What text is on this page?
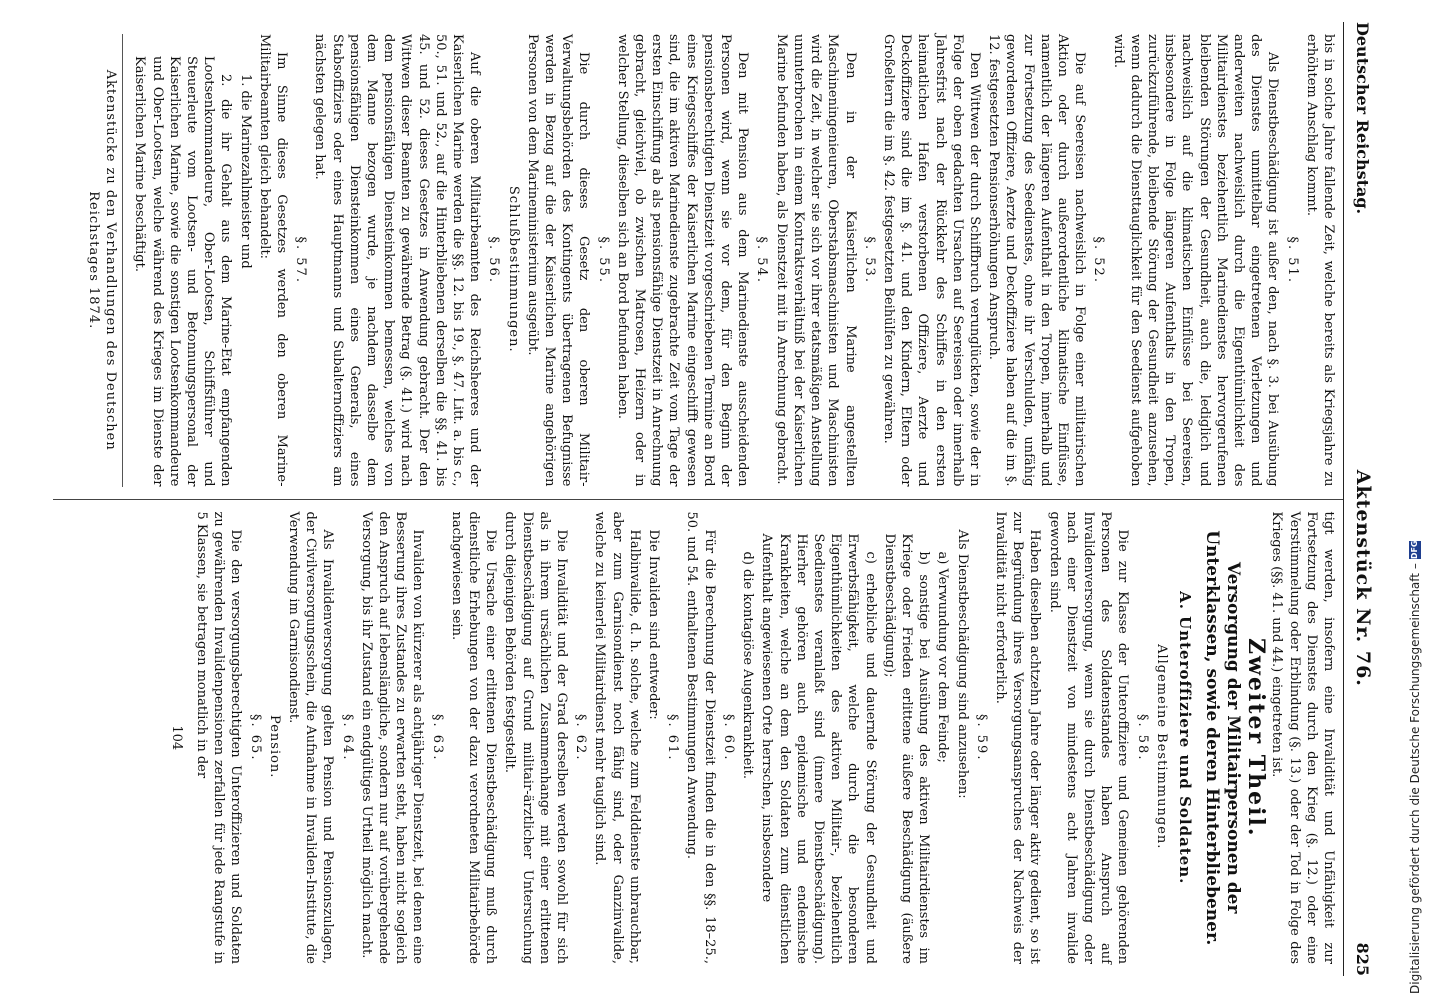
Deutscher Reichstag.
Aktenstück Nr. 76.
825

bis in solche Jahre fallende Zeit, welche bereits als Kriegsjahre zu erhöhtem Anschlag kommt.

§. 51.

Als Dienstbeschädigung ist außer den, nach §. 3. bei Ausübung des Dienstes unmittelbar eingetretenen Verletzungen und anderweiten nachweislich durch die Eigenthümlichkeit des Militairdienstes beziehentlich Marinedienstes hervorgerufenen bleibenden Störungen der Gesundheit, auch die, lediglich und nachweislich auf die klimatischen Einflüsse bei Seereisen, insbesondere in Folge längeren Aufenthalts in den Tropen, zurückzuführende, bleibende Störung der Gesundheit anzusehen, wenn dadurch die Diensttauglichkeit für den Seedienst aufgehoben wird.

§. 52.

Die auf Seereisen nachweislich in Folge einer militairischen Aktion oder durch außerordentliche klimatische Einflüsse, namentlich der längeren Aufenthalt in den Tropen, innerhalb und zur Fortsetzung des Seedienstes, ohne ihr Verschulden, unfähig gewordenen Offiziere, Aerzte und Deckoffiziere haben auf die im §. 12. festgesetzten Pensionserhöhungen Anspruch.

Den Wittwen der durch Schiffbruch verunglückten, sowie der in Folge der oben gedachten Ursachen auf Seereisen oder innerhalb Jahresfrist nach der Rückkehr des Schiffes in den ersten heimatlichen Hafen verstorbenen Offiziere, Aerzte und Deckoffiziere sind die im §. 41. und den Kindern, Eltern oder Großeltern die im §. 42. festgesetzten Beihülfen zu gewähren.

§. 53.

Den in der Kaiserlichen Marine angestellten Maschineningenieuren, Oberstabsmaschinisten und Maschinisten wird die Zeit, in welcher sie sich vor ihrer etatsmäßigen Anstellung ununterbrochen in einem Kontraktsverhältniß bei der Kaiserlichen Marine befunden haben, als Dienstzeit mit in Anrechnung gebracht.

§. 54.

Den mit Pension aus dem Marinedienste ausscheidenden Personen wird, wenn sie vor dem, für den Beginn der pensionsberechtigten Dienstzeit vorgeschriebenen Termine an Bord eines Kriegsschiffes der Kaiserlichen Marine eingeschifft gewesen sind, die im aktiven Marinedienste zugebrachte Zeit vom Tage der ersten Einschiffung ab als pensionsfähige Dienstzeit in Anrechnung gebracht, gleichviel, ob zwischen Matrosen, Heizern oder in welcher Stellung, dieselben sich an Bord befunden haben.

§. 55.

Die durch dieses Gesetz den oberen Militair-Verwaltungsbehörden des Kontingents übertragenen Befugnisse werden in Bezug auf die der Kaiserlichen Marine angehörigen Personen von dem Marineministerium ausgeübt.

Schlußbestimmungen.

§. 56.

Auf die oberen Militairbeamten des Reichsheeres und der Kaiserlichen Marine werden die §§. 12. bis 19., §. 47. Litt. a. bis c., 50., 51. und 52., auf die Hinterbliebenen derselben die §§. 41. bis 45. und 52. dieses Gesetzes in Anwendung gebracht. Der den Wittwen dieser Beamten zu gewährende Betrag (§. 41.) wird nach dem pensionsfähigen Diensteinkommen bemessen, welches von dem Manne bezogen wurde, je nachdem dasselbe dem pensionsfähigen Diensteinkommen eines Generals, eines Stabsoffiziers oder eines Hauptmanns und Subalternoffiziers am nächsten gelegen hat.

§. 57.

Im Sinne dieses Gesetzes werden den oberen Marine-Militairbeamten gleich behandelt:

1. die Marinezahlmeister und

2. die ihr Gehalt aus dem Marine-Etat empfangenden Lootsenkommandeure, Ober-Lootsen, Schiffsführer und Steuerleute vom Lootsen- und Betonnungspersonal der Kaiserlichen Marine, sowie die sonstigen Lootsenkommandeure und Ober-Lootsen, welche während des Krieges im Dienste der Kaiserlichen Marine beschäftigt.

Aktenstücke zu den Verhandlungen des Deutschen Reichstages 1874.

tigt werden, insofern eine Invalidität und Unfähigkeit zur Fortsetzung des Dienstes durch den Krieg (§. 12.) oder eine Verstümmelung oder Erblindung (§. 13.) oder der Tod in Folge des Krieges (§§. 41. und 44.) eingetreten ist.

Zweiter Theil.
Versorgung der Militairpersonen der Unterklassen, sowie deren Hinterbliebener.
A. Unteroffiziere und Soldaten.

Allgemeine Bestimmungen.

§. 58.

Die zur Klasse der Unteroffiziere und Gemeinen gehörenden Personen des Soldatenstandes haben Anspruch auf Invalidenversorgung, wenn sie durch Dienstbeschädigung oder nach einer Dienstzeit von mindestens acht Jahren invalide geworden sind.

Haben dieselben achtzehn Jahre oder länger aktiv gedient, so ist zur Begründung ihres Versorgungsanspruches der Nachweis der Invalidität nicht erforderlich.

§. 59.

Als Dienstbeschädigung sind anzusehen:

a) Verwundung vor dem Feinde;

b) sonstige bei Ausübung des aktiven Militairdienstes im Kriege oder Frieden erlittene äußere Beschädigung (äußere Dienstbeschädigung);

c) erhebliche und dauernde Störung der Gesundheit und Erwerbsfähigkeit, welche durch die besonderen Eigenthümlichkeiten des aktiven Militair-, beziehentlich Seedienstes veranlaßt sind (innere Dienstbeschädigung). Hierher gehören auch epidemische und endemische Krankheiten, welche an dem den Soldaten zum dienstlichen Aufenthalt angewiesenen Orte herrschen, insbesondere

d) die kontagiöse Augenkrankheit.

§. 60.

Für die Berechnung der Dienstzeit finden die in den §§. 18–25., 50. und 54. enthaltenen Bestimmungen Anwendung.

§. 61.

Die Invaliden sind entweder:

Halbinvalide, d. h. solche, welche zum Felddienste unbrauchbar, aber zum Garnisondienst noch fähig sind, oder Ganzinvalide, welche zu keinerlei Militairdienst mehr tauglich sind.

§. 62.

Die Invalidität und der Grad derselben werden sowohl für sich als in ihrem ursächlichen Zusammenhange mit einer erlittenen Dienstbeschädigung auf Grund militair-ärztlicher Untersuchung durch diejenigen Behörden festgestellt.

Die Ursache einer erlittenen Dienstbeschädigung muß durch dienstliche Erhebungen von der dazu verordneten Militairbehörde nachgewiesen sein.

§. 63.

Invaliden von kürzerer als achtjähriger Dienstzeit, bei denen eine Besserung ihres Zustandes zu erwarten steht, haben nicht sogleich den Anspruch auf lebenslängliche, sondern nur auf vorübergehende Versorgung, bis ihr Zustand ein endgültiges Urtheil möglich macht.

§. 64.

Als Invalidenversorgung gelten Pension und Pensionszulagen, der Civilversorgungsschein, die Aufnahme in Invaliden-Institute, die Verwendung im Garnisondienst.

Pension.

§. 65.

Die den versorgungsberechtigten Unteroffizieren und Soldaten zu gewährenden Invalidenpensionen zerfallen für jede Rangstufe in 5 Klassen, sie betragen monatlich in der

104	Digitalisierung gefördert durch die Deutsche Forschungsgemeinschaft –
DFG
